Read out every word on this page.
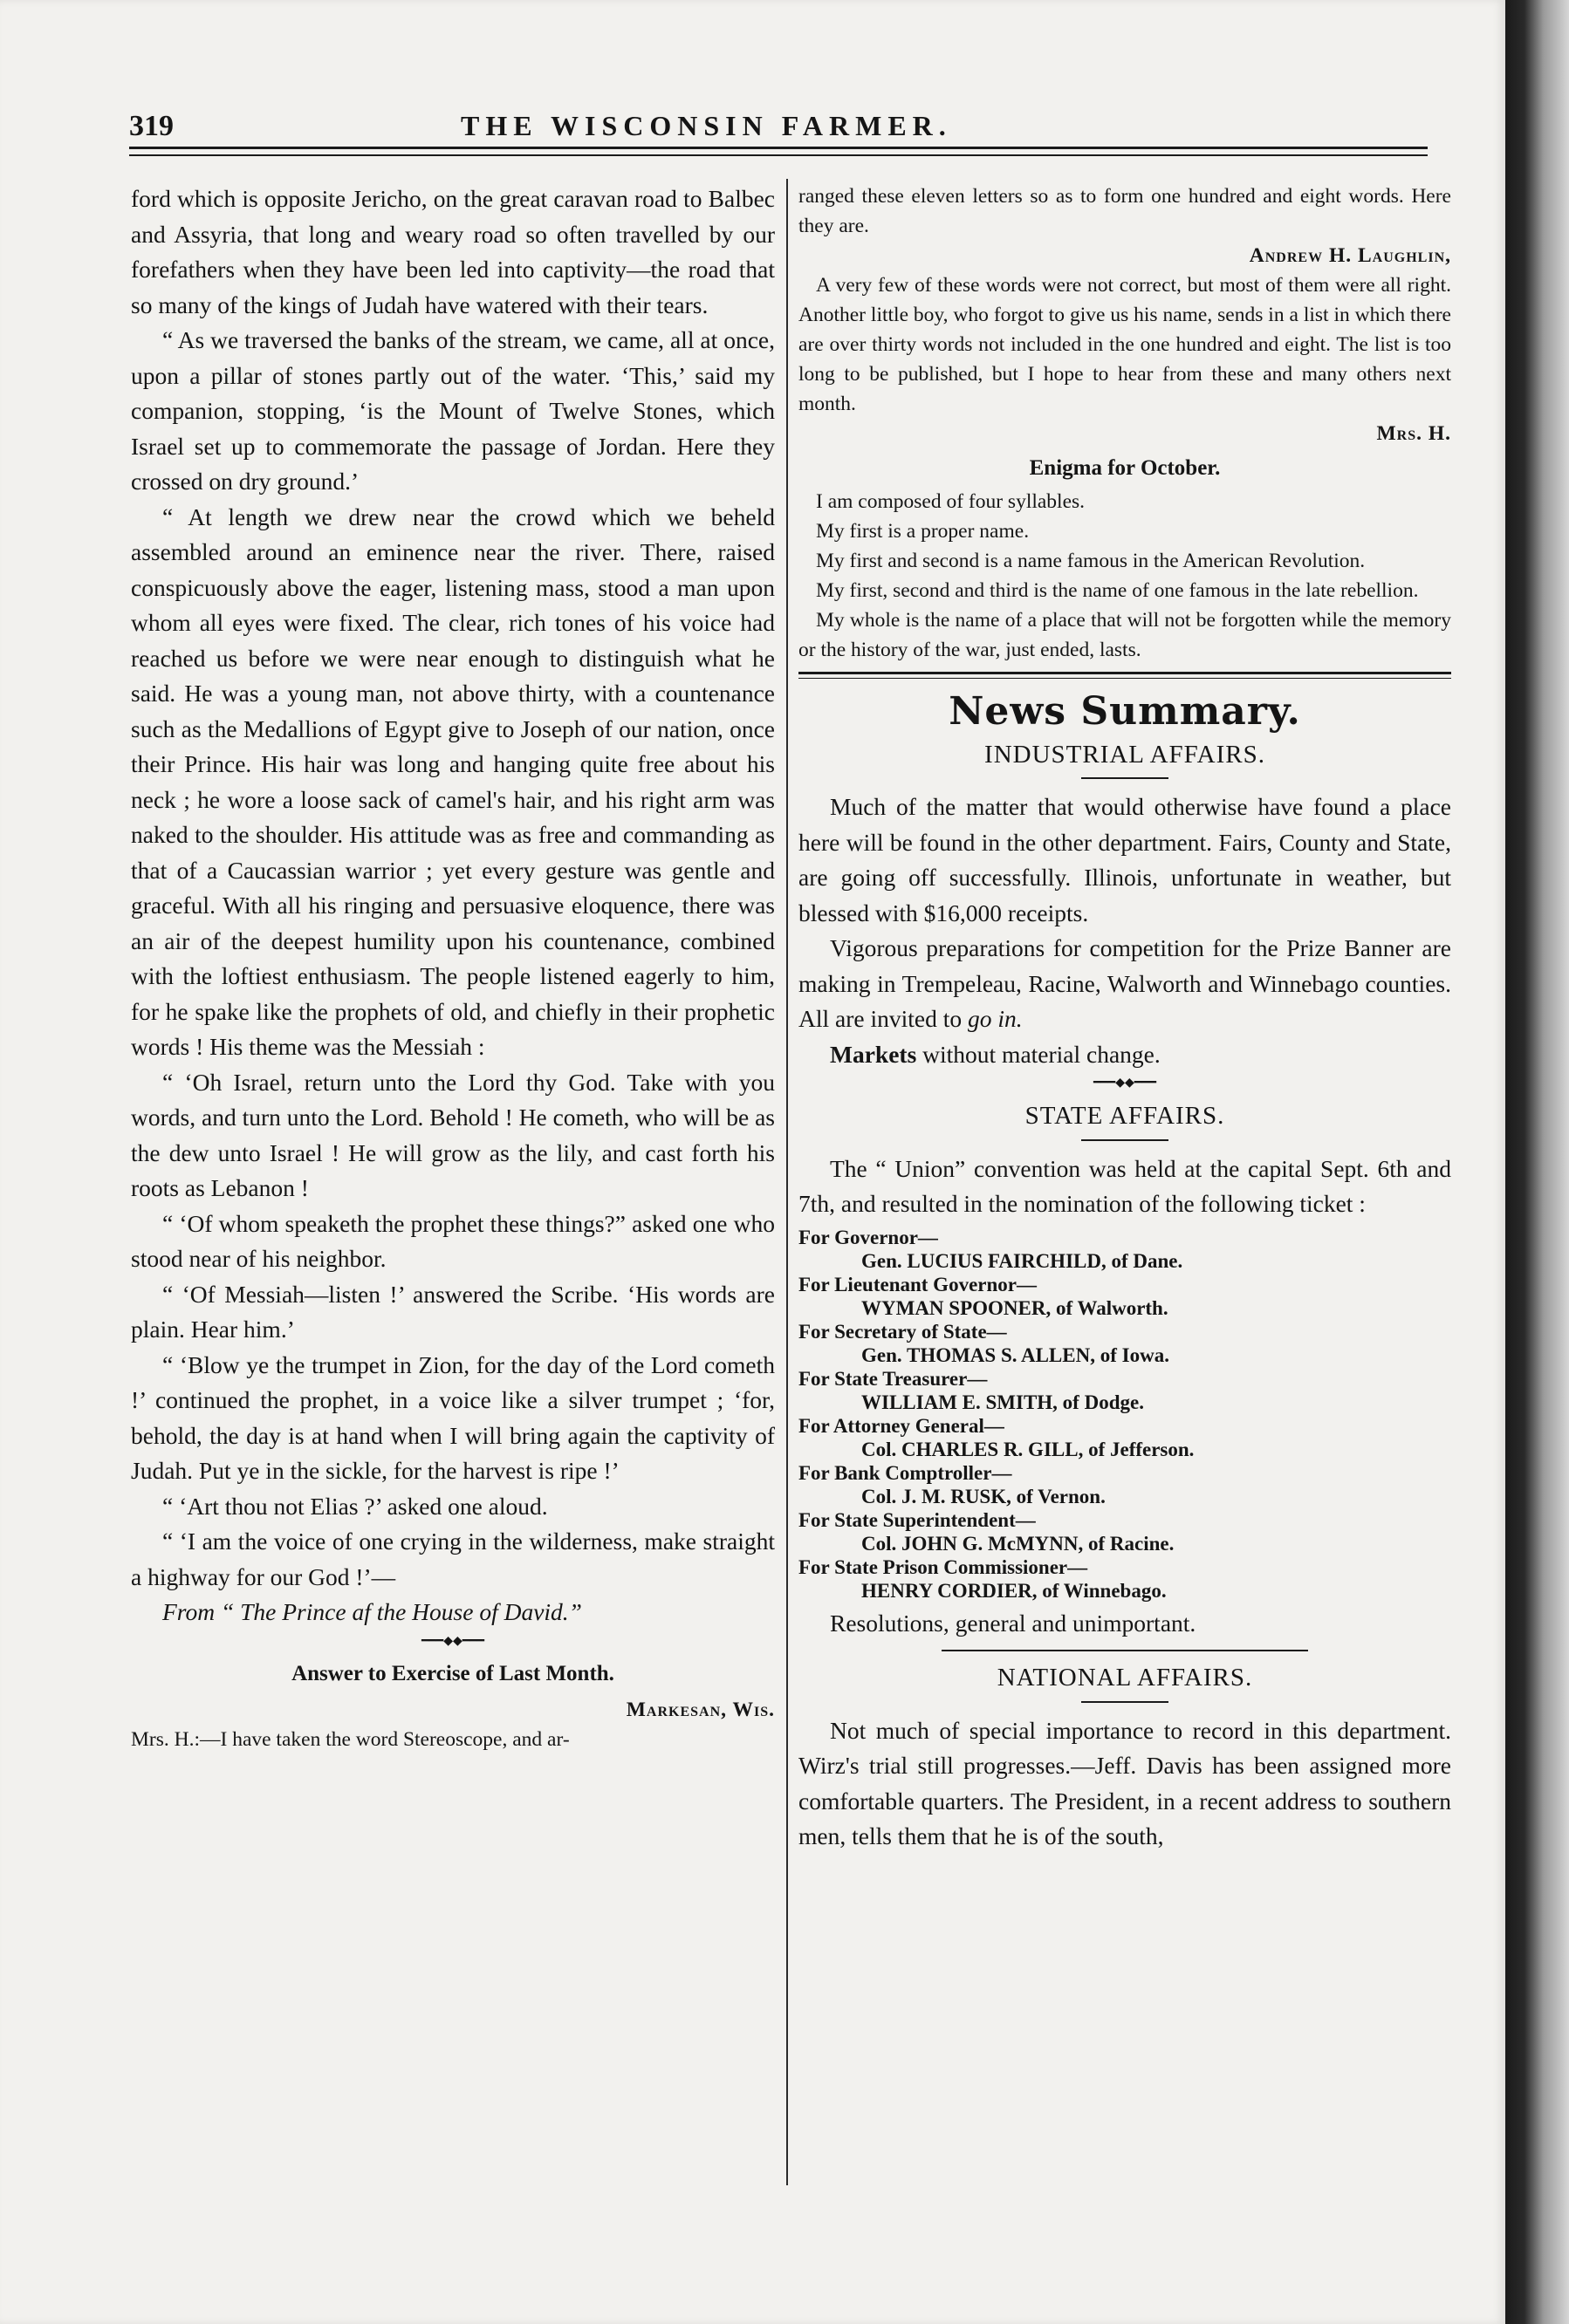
319	THE WISCONSIN FARMER.

ford which is opposite Jericho, on the great caravan road to Balbec and Assyria, that long and weary road so often travelled by our forefathers when they have been led into captivity—the road that so many of the kings of Judah have watered with their tears.

“ As we traversed the banks of the stream, we came, all at once, upon a pillar of stones partly out of the water. ‘This,’ said my companion, stopping, ‘is the Mount of Twelve Stones, which Israel set up to commemorate the passage of Jordan. Here they crossed on dry ground.’

“ At length we drew near the crowd which we beheld assembled around an eminence near the river. There, raised conspicuously above the eager, listening mass, stood a man upon whom all eyes were fixed. The clear, rich tones of his voice had reached us before we were near enough to distinguish what he said. He was a young man, not above thirty, with a countenance such as the Medallions of Egypt give to Joseph of our nation, once their Prince. His hair was long and hanging quite free about his neck ; he wore a loose sack of camel's hair, and his right arm was naked to the shoulder. His attitude was as free and commanding as that of a Caucassian warrior ; yet every gesture was gentle and graceful. With all his ringing and persuasive eloquence, there was an air of the deepest humility upon his countenance, combined with the loftiest enthusiasm. The people listened eagerly to him, for he spake like the prophets of old, and chiefly in their prophetic words ! His theme was the Messiah :

“ ‘Oh Israel, return unto the Lord thy God. Take with you words, and turn unto the Lord. Behold ! He cometh, who will be as the dew unto Israel ! He will grow as the lily, and cast forth his roots as Lebanon !

“ ‘Of whom speaketh the prophet these things?” asked one who stood near of his neighbor.

“ ‘Of Messiah—listen !’ answered the Scribe. ‘His words are plain. Hear him.’

“ ‘Blow ye the trumpet in Zion, for the day of the Lord cometh !’ continued the prophet, in a voice like a silver trumpet ; ‘for, behold, the day is at hand when I will bring again the captivity of Judah. Put ye in the sickle, for the harvest is ripe !’

“ ‘Art thou not Elias ?’ asked one aloud.

“ ‘I am the voice of one crying in the wilderness, make straight a highway for our God !’—

From “ The Prince af the House of David.”

━━━◆◆━━━
Answer to Exercise of Last Month.
Markesan, Wis.

Mrs. H.:—I have taken the word Stereoscope, and ar-

ranged these eleven letters so as to form one hundred and eight words. Here they are.

Andrew H. Laughlin,

A very few of these words were not correct, but most of them were all right. Another little boy, who forgot to give us his name, sends in a list in which there are over thirty words not included in the one hundred and eight. The list is too long to be published, but I hope to hear from these and many others next month.

Mrs. H.
Enigma for October.

I am composed of four syllables.

My first is a proper name.

My first and second is a name famous in the American Revolution.

My first, second and third is the name of one famous in the late rebellion.

My whole is the name of a place that will not be forgotten while the memory or the history of the war, just ended, lasts.

News Summary.
INDUSTRIAL AFFAIRS.

Much of the matter that would otherwise have found a place here will be found in the other department. Fairs, County and State, are going off successfully. Illinois, unfortunate in weather, but blessed with $16,000 receipts.

Vigorous preparations for competition for the Prize Banner are making in Trempeleau, Racine, Walworth and Winnebago counties. All are invited to go in.

Markets without material change.

━━━◆◆━━━
STATE AFFAIRS.

The “ Union” convention was held at the capital Sept. 6th and 7th, and resulted in the nomination of the following ticket :

For Governor—
Gen. LUCIUS FAIRCHILD, of Dane.
For Lieutenant Governor—
WYMAN SPOONER, of Walworth.
For Secretary of State—
Gen. THOMAS S. ALLEN, of Iowa.
For State Treasurer—
WILLIAM E. SMITH, of Dodge.
For Attorney General—
Col. CHARLES R. GILL, of Jefferson.
For Bank Comptroller—
Col. J. M. RUSK, of Vernon.
For State Superintendent—
Col. JOHN G. McMYNN, of Racine.
For State Prison Commissioner—
HENRY CORDIER, of Winnebago.

Resolutions, general and unimportant.

NATIONAL AFFAIRS.

Not much of special importance to record in this department. Wirz's trial still progresses.—Jeff. Davis has been assigned more comfortable quarters. The President, in a recent address to southern men, tells them that he is of the south,
